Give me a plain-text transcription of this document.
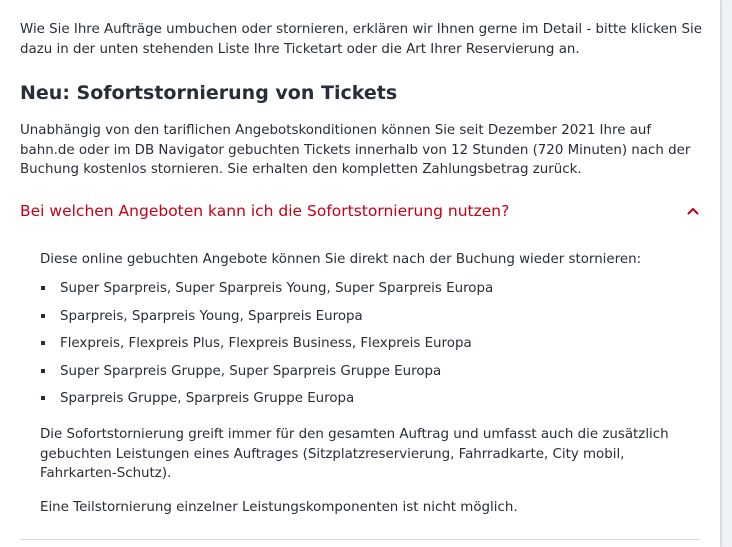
Wie Sie Ihre Aufträge umbuchen oder stornieren, erklären wir Ihnen gerne im Detail - bitte klicken Sie dazu in der unten stehenden Liste Ihre Ticketart oder die Art Ihrer Reservierung an.

Neu: Sofortstornierung von Tickets

Unabhängig von den tariflichen Angebotskonditionen können Sie seit Dezember 2021 Ihre auf bahn.de oder im DB Navigator gebuchten Tickets innerhalb von 12 Stunden (720 Minuten) nach der Buchung kostenlos stornieren. Sie erhalten den kompletten Zahlungsbetrag zurück.

Bei welchen Angeboten kann ich die Sofortstornierung nutzen?

Diese online gebuchten Angebote können Sie direkt nach der Buchung wieder stornieren:

Super Sparpreis, Super Sparpreis Young, Super Sparpreis Europa
Sparpreis, Sparpreis Young, Sparpreis Europa
Flexpreis, Flexpreis Plus, Flexpreis Business, Flexpreis Europa
Super Sparpreis Gruppe, Super Sparpreis Gruppe Europa
Sparpreis Gruppe, Sparpreis Gruppe Europa

Die Sofortstornierung greift immer für den gesamten Auftrag und umfasst auch die zusätzlich gebuchten Leistungen eines Auftrages (Sitzplatzreservierung, Fahrradkarte, City mobil, Fahrkarten-Schutz).

Eine Teilstornierung einzelner Leistungskomponenten ist nicht möglich.
